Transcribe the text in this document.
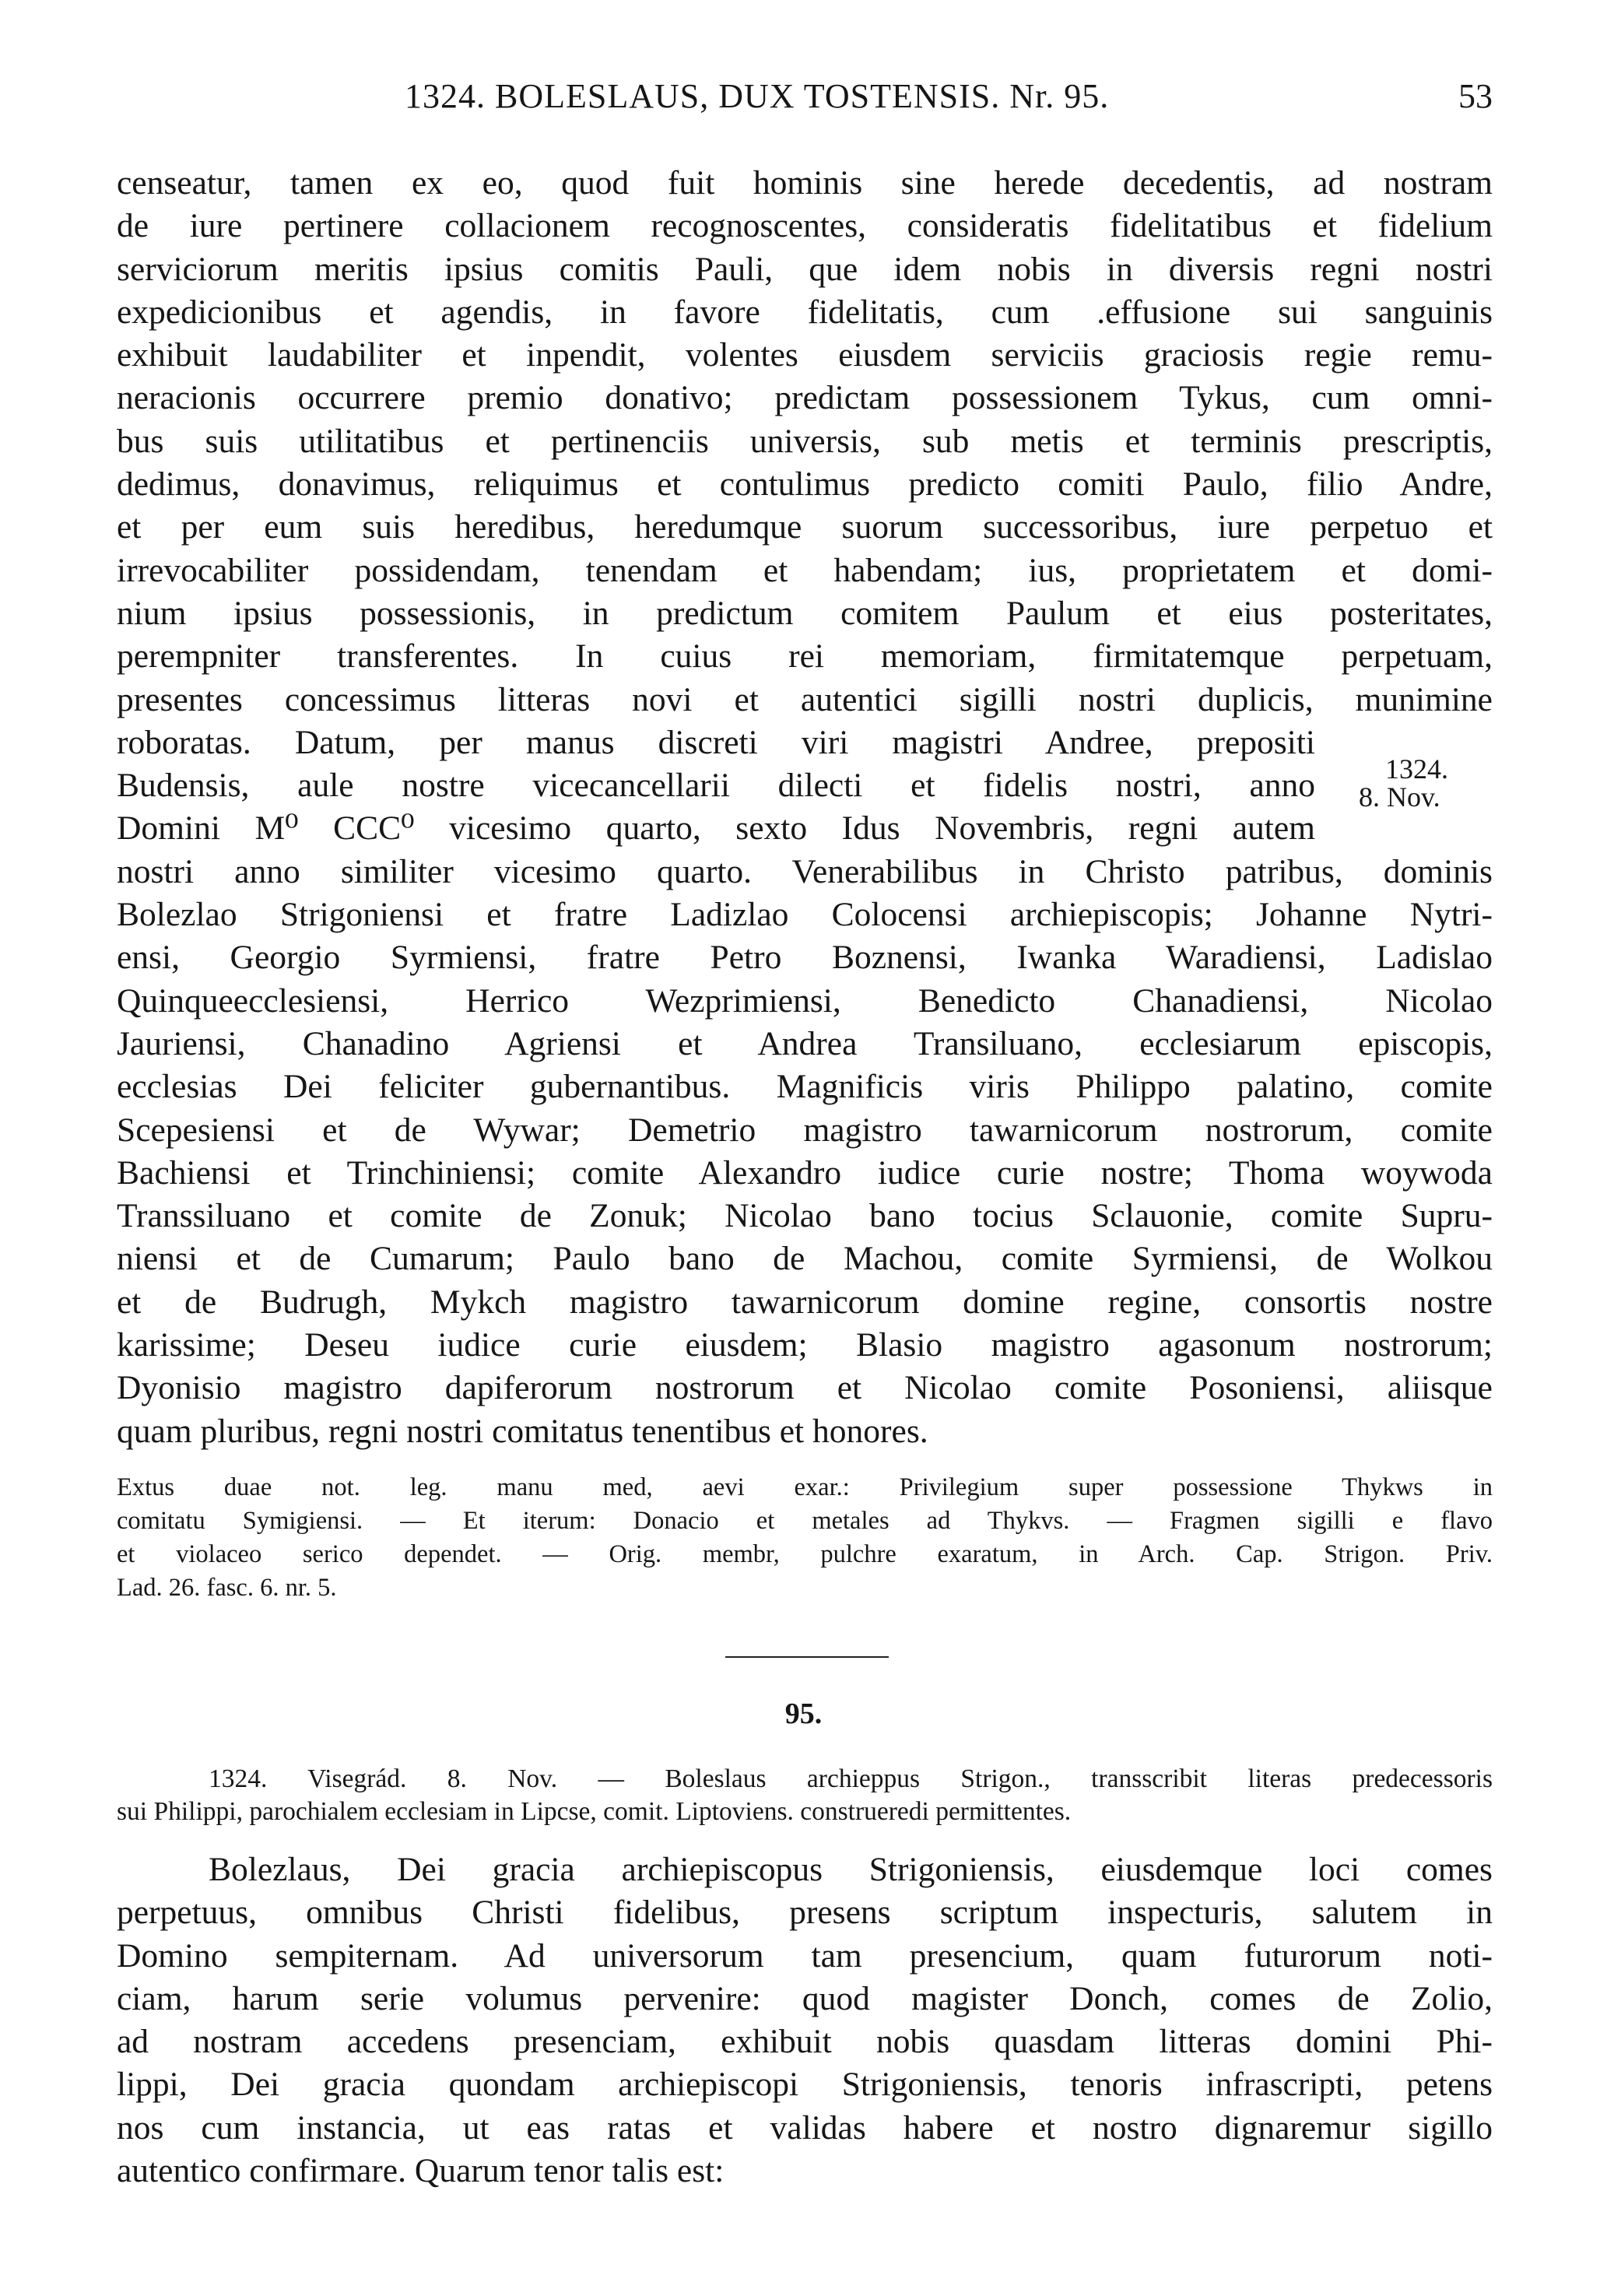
1324. BOLESLAUS, DUX TOSTENSIS. Nr. 95.	53
censeatur, tamen ex eo, quod fuit hominis sine herede decedentis, ad nostram
de iure pertinere collacionem recognoscentes, consideratis fidelitatibus et fidelium
serviciorum meritis ipsius comitis Pauli, que idem nobis in diversis regni nostri
expedicionibus et agendis, in favore fidelitatis, cum .effusione sui sanguinis
exhibuit laudabiliter et inpendit, volentes eiusdem serviciis graciosis regie remu-
neracionis occurrere premio donativo; predictam possessionem Tykus, cum omni-
bus suis utilitatibus et pertinenciis universis, sub metis et terminis prescriptis,
dedimus, donavimus, reliquimus et contulimus predicto comiti Paulo, filio Andre,
et per eum suis heredibus, heredumque suorum successoribus, iure perpetuo et
irrevocabiliter possidendam, tenendam et habendam; ius, proprietatem et domi-
nium ipsius possessionis, in predictum comitem Paulum et eius posteritates,
perempniter transferentes. In cuius rei memoriam, firmitatemque perpetuam,
presentes concessimus litteras novi et autentici sigilli nostri duplicis, munimine
roboratas. Datum, per manus discreti viri magistri Andree, prepositi
Budensis, aule nostre vicecancellarii dilecti et fidelis nostri, anno
Domini M⁰ CCC⁰ vicesimo quarto, sexto Idus Novembris, regni autem
nostri anno similiter vicesimo quarto. Venerabilibus in Christo patribus, dominis
Bolezlao Strigoniensi et fratre Ladizlao Colocensi archiepiscopis; Johanne Nytri-
ensi, Georgio Syrmiensi, fratre Petro Boznensi, Iwanka Waradiensi, Ladislao
Quinqueecclesiensi, Herrico Wezprimiensi, Benedicto Chanadiensi, Nicolao
Jauriensi, Chanadino Agriensi et Andrea Transiluano, ecclesiarum episcopis,
ecclesias Dei feliciter gubernantibus. Magnificis viris Philippo palatino, comite
Scepesiensi et de Wywar; Demetrio magistro tawarnicorum nostrorum, comite
Bachiensi et Trinchiniensi; comite Alexandro iudice curie nostre; Thoma woywoda
Transsiluano et comite de Zonuk; Nicolao bano tocius Sclauonie, comite Supru-
niensi et de Cumarum; Paulo bano de Machou, comite Syrmiensi, de Wolkou
et de Budrugh, Mykch magistro tawarnicorum domine regine, consortis nostre
karissime; Deseu iudice curie eiusdem; Blasio magistro agasonum nostrorum;
Dyonisio magistro dapiferorum nostrorum et Nicolao comite Posoniensi, aliisque
quam pluribus, regni nostri comitatus tenentibus et honores.
1324.
8. Nov.
Extus duae not. leg. manu med, aevi exar.: Privilegium super possessione Thykws in
comitatu Symigiensi. — Et iterum: Donacio et metales ad Thykvs. — Fragmen sigilli e flavo
et violaceo serico dependet. — Orig. membr, pulchre exaratum, in Arch. Cap. Strigon. Priv.
Lad. 26. fasc. 6. nr. 5.
95.
1324. Visegrád. 8. Nov. — Boleslaus archieppus Strigon., transscribit literas predecessoris
sui Philippi, parochialem ecclesiam in Lipcse, comit. Liptoviens. construeredi permittentes.
Bolezlaus, Dei gracia archiepiscopus Strigoniensis, eiusdemque loci comes
perpetuus, omnibus Christi fidelibus, presens scriptum inspecturis, salutem in
Domino sempiternam. Ad universorum tam presencium, quam futurorum noti-
ciam, harum serie volumus pervenire: quod magister Donch, comes de Zolio,
ad nostram accedens presenciam, exhibuit nobis quasdam litteras domini Phi-
lippi, Dei gracia quondam archiepiscopi Strigoniensis, tenoris infrascripti, petens
nos cum instancia, ut eas ratas et validas habere et nostro dignaremur sigillo
autentico confirmare. Quarum tenor talis est:
